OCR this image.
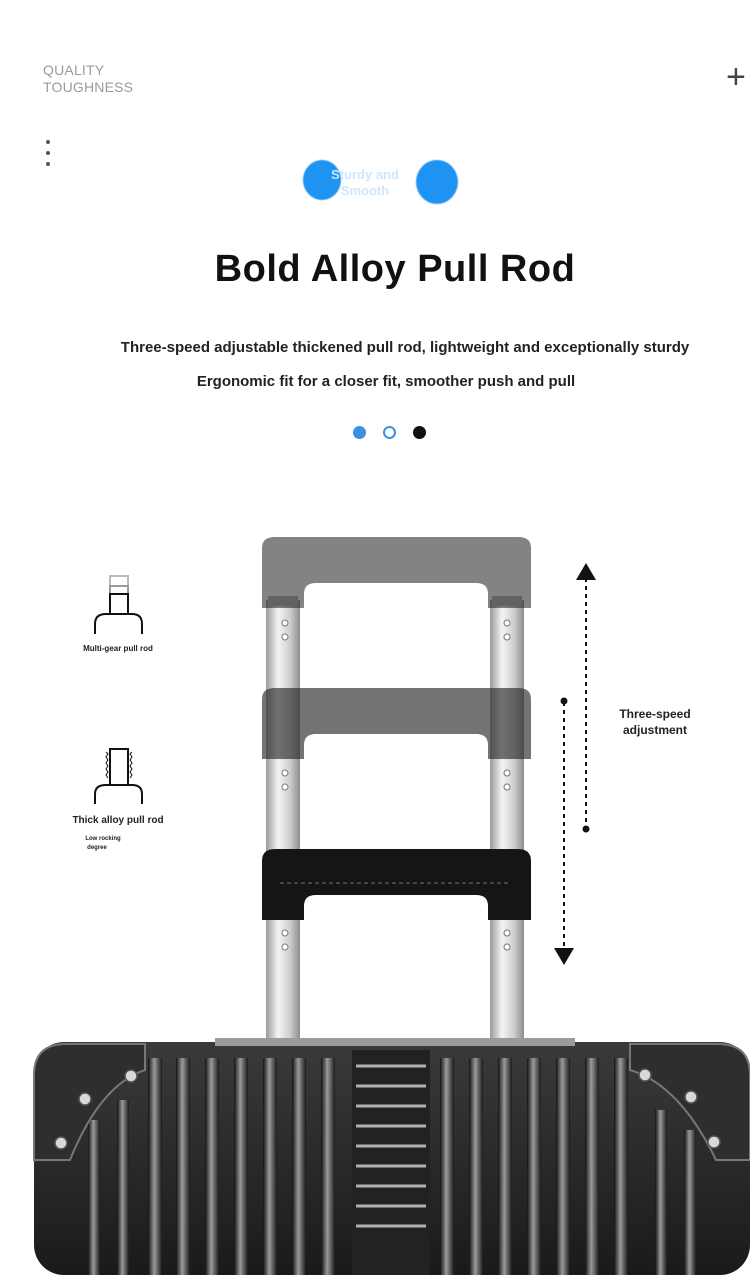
QUALITY
TOUGHNESS	+
Sturdy and
Smooth
Bold Alloy Pull Rod
Three-speed adjustable thickened pull rod, lightweight and exceptionally sturdy
Ergonomic fit for a closer fit, smoother push and pull
Multi-gear pull rod
Thick alloy pull rod
Low rocking
degree
Three-speed
adjustment
